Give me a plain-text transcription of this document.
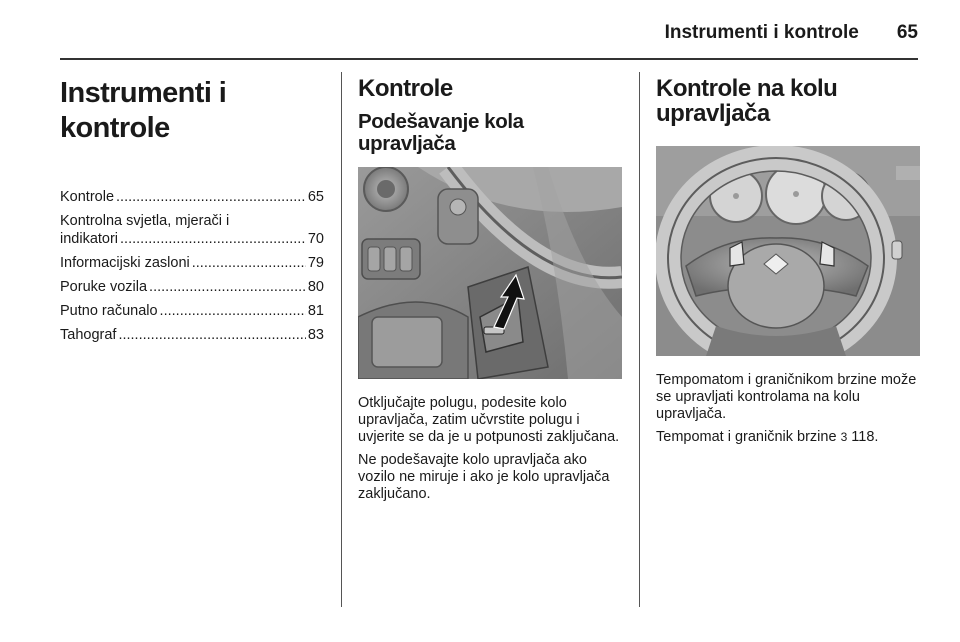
Instrumenti i kontrole 65
Instrumenti i kontrole
Kontrole .....	65
Kontrolna svjetla, mjerači i
indikatori .....	70
Informacijski zasloni .....	79
Poruke vozila .....	80
Putno računalo .....	81
Tahograf .....	83
Kontrole
Podešavanje kola upravljača

Otključajte polugu, podesite kolo upravljača, zatim učvrstite polugu i uvjerite se da je u potpunosti zaključana.

Ne podešavajte kolo upravljača ako vozilo ne miruje i ako je kolo upravljača zaključano.

Kontrole na kolu upravljača

Tempomatom i graničnikom brzine može se upravljati kontrolama na kolu upravljača.

Tempomat i graničnik brzine 3 118.
